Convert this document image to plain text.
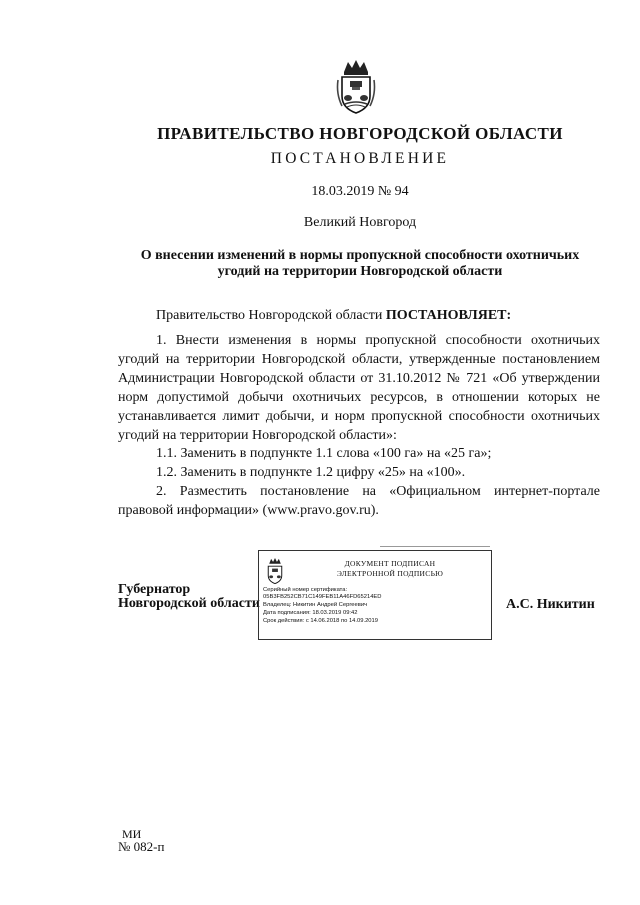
ПРАВИТЕЛЬСТВО НОВГОРОДСКОЙ ОБЛАСТИ
ПОСТАНОВЛЕНИЕ
18.03.2019 № 94
Великий Новгород
О внесении изменений в нормы пропускной способности охотничьих
угодий на территории Новгородской области
Правительство Новгородской области ПОСТАНОВЛЯЕТ:
1. Внести изменения в нормы пропускной способности охотничьих угодий на территории Новгородской области, утвержденные постановлением Администрации Новгородской области от 31.10.2012 № 721 «Об утверждении норм допустимой добычи охотничьих ресурсов, в отношении которых не устанавливается лимит добычи, и норм пропускной способности охотничьих угодий на территории Новгородской области»:
1.1. Заменить в подпункте 1.1 слова «100 га» на «25 га»;
1.2. Заменить в подпункте 1.2 цифру «25» на «100».
2. Разместить постановление на «Официальном интернет-портале правовой информации» (www.pravo.gov.ru).
Губернатор
Новгородской области	А.С. Никитин
ДОКУМЕНТ ПОДПИСАН
ЭЛЕКТРОННОЙ ПОДПИСЬЮ
Серийный номер сертификата:
05B3FB252CB71C149FEB11A46FD65214ED
Владелец: Никитин Андрей Сергеевич
Дата подписания: 18.03.2019 09:42
Срок действия: с 14.06.2018 по 14.09.2019
МИ
№ 082-п
